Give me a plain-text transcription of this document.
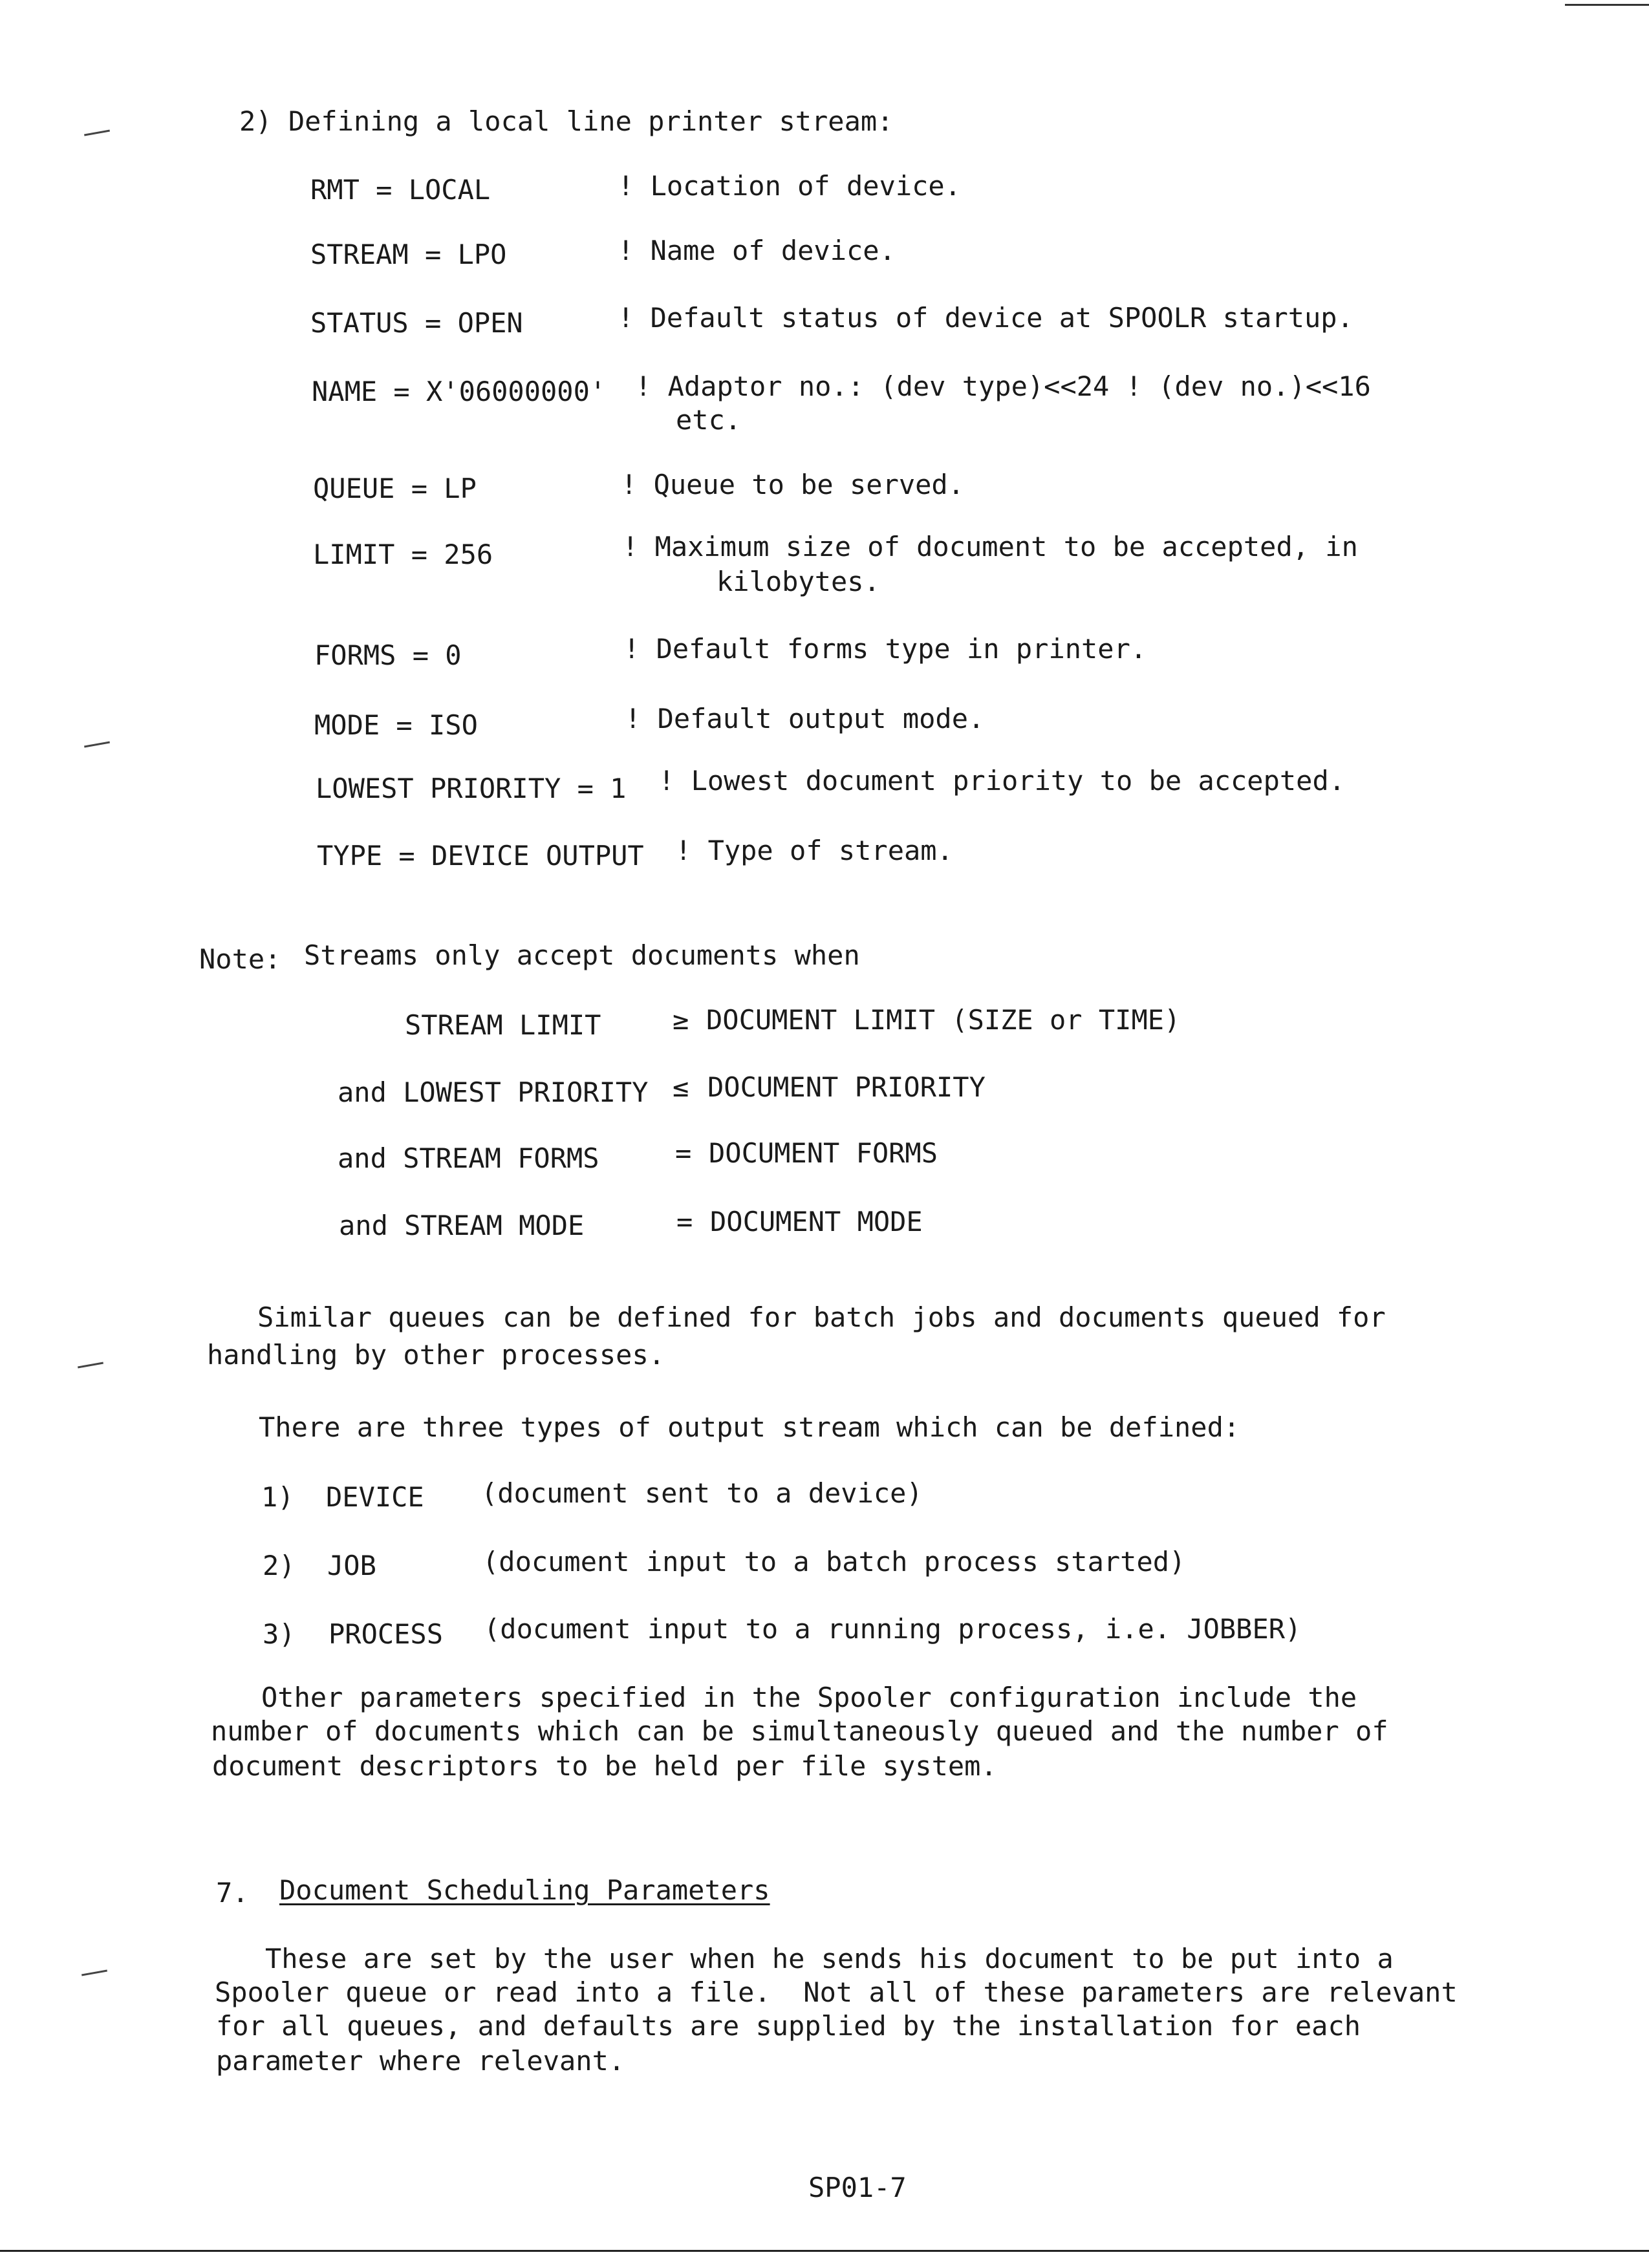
2) Defining a local line printer stream:
RMT = LOCAL	! Location of device.
STREAM = LPO	! Name of device.
STATUS = OPEN	! Default status of device at SPOOLR startup.
NAME = X'06000000' ! Adaptor no.: (dev type)<<24 ! (dev no.)<<16
etc.
QUEUE = LP	! Queue to be served.
LIMIT = 256	! Maximum size of document to be accepted, in
kilobytes.
FORMS = 0	! Default forms type in printer.
MODE = ISO	! Default output mode.
LOWEST PRIORITY = 1 ! Lowest document priority to be accepted.
TYPE = DEVICE OUTPUT ! Type of stream.
Note: Streams only accept documents when
STREAM LIMIT	≥ DOCUMENT LIMIT (SIZE or TIME)
and LOWEST PRIORITY ≤ DOCUMENT PRIORITY
and STREAM FORMS	= DOCUMENT FORMS
and STREAM MODE	= DOCUMENT MODE
Similar queues can be defined for batch jobs and documents queued for
handling by other processes.
There are three types of output stream which can be defined:
1) DEVICE (document sent to a device)
2) JOB	(document input to a batch process started)
3) PROCESS (document input to a running process, i.e. JOBBER)
Other parameters specified in the Spooler configuration include the
number of documents which can be simultaneously queued and the number of
document descriptors to be held per file system.
7. Document Scheduling Parameters
These are set by the user when he sends his document to be put into a
Spooler queue or read into a file.  Not all of these parameters are relevant
for all queues, and defaults are supplied by the installation for each
parameter where relevant.
SP01-7
